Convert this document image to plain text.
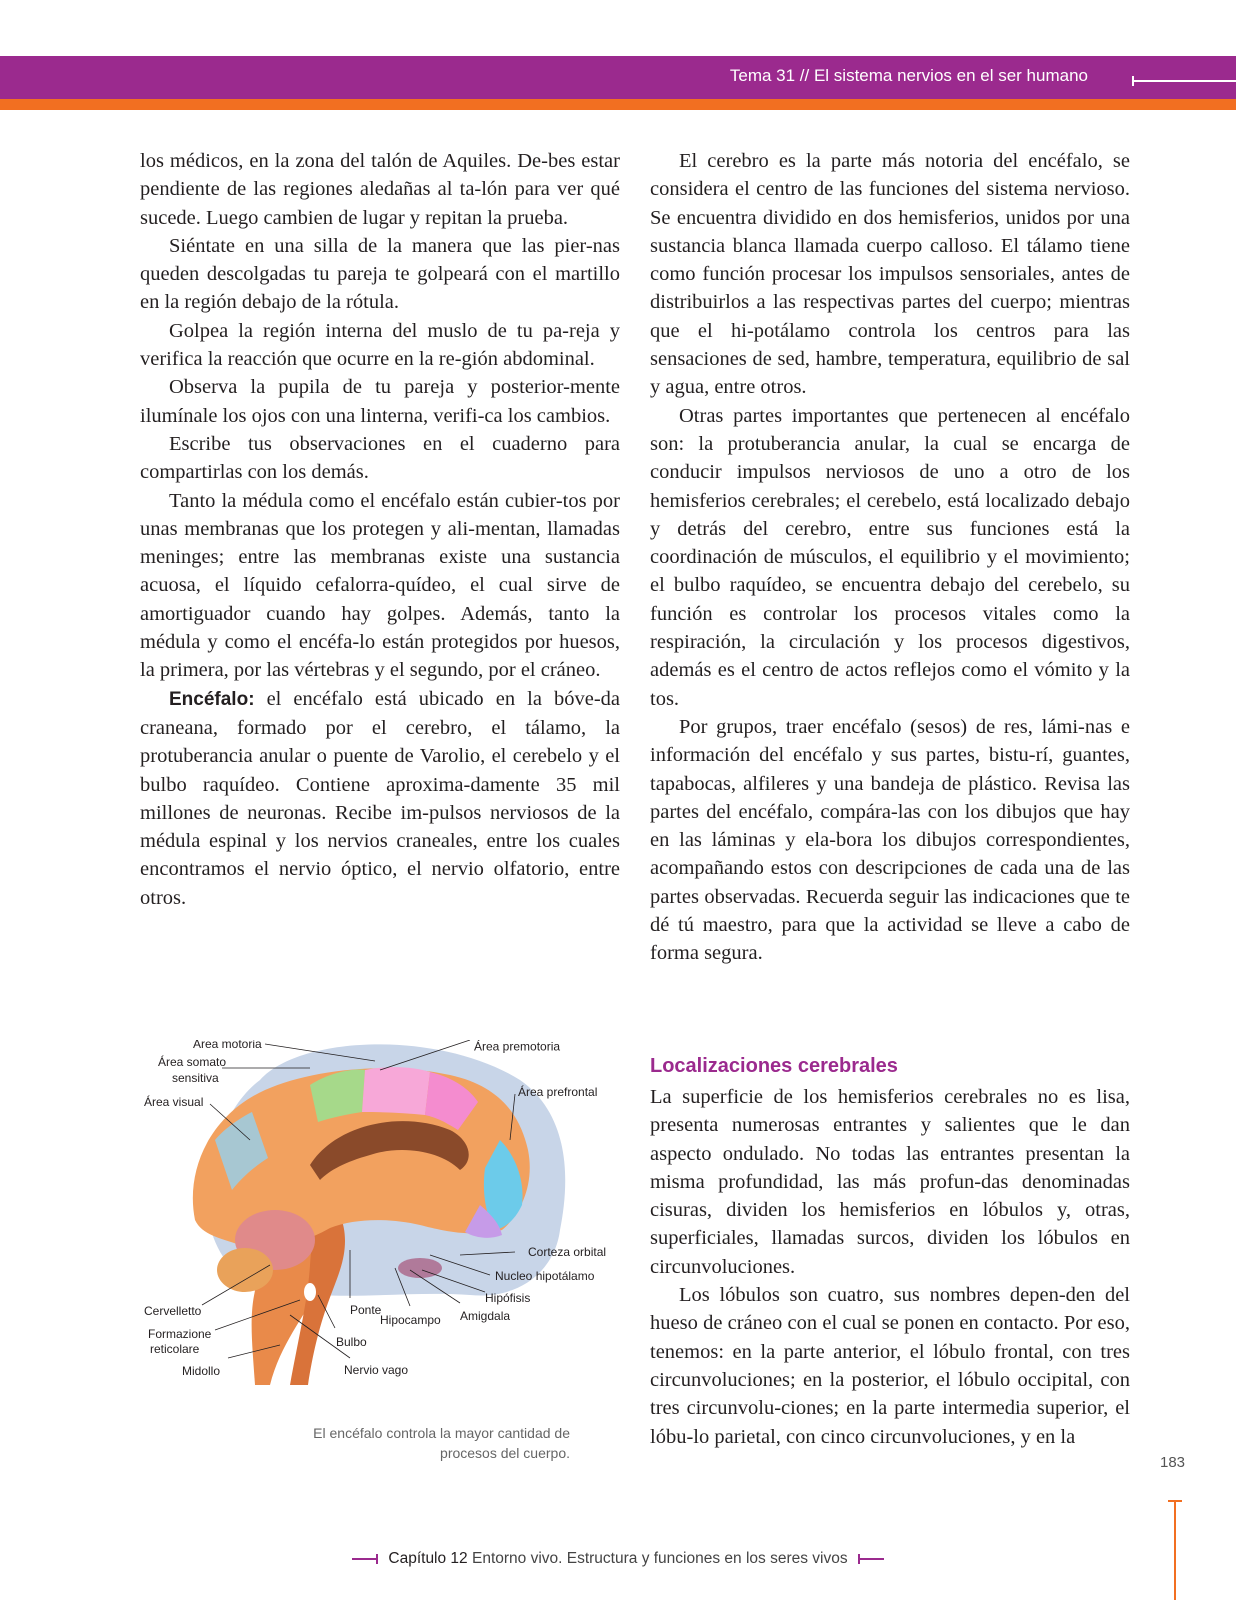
Tema 31 // El sistema nervios en el ser humano

los médicos, en la zona del talón de Aquiles. De-bes estar pendiente de las regiones aledañas al ta-lón para ver qué sucede. Luego cambien de lugar y repitan la prueba.

Siéntate en una silla de la manera que las pier-nas queden descolgadas tu pareja te golpeará con el martillo en la región debajo de la rótula.

Golpea la región interna del muslo de tu pa-reja y verifica la reacción que ocurre en la re-gión abdominal.

Observa la pupila de tu pareja y posterior-mente ilumínale los ojos con una linterna, verifi-ca los cambios.

Escribe tus observaciones en el cuaderno para compartirlas con los demás.

Tanto la médula como el encéfalo están cubier-tos por unas membranas que los protegen y ali-mentan, llamadas meninges; entre las membranas existe una sustancia acuosa, el líquido cefalorra-quídeo, el cual sirve de amortiguador cuando hay golpes. Además, tanto la médula y como el encéfa-lo están protegidos por huesos, la primera, por las vértebras y el segundo, por el cráneo.

Encéfalo: el encéfalo está ubicado en la bóve-da craneana, formado por el cerebro, el tálamo, la protuberancia anular o puente de Varolio, el cerebelo y el bulbo raquídeo. Contiene aproxima-damente 35 mil millones de neuronas. Recibe im-pulsos nerviosos de la médula espinal y los nervios craneales, entre los cuales encontramos el nervio óptico, el nervio olfatorio, entre otros.

El cerebro es la parte más notoria del encéfalo, se considera el centro de las funciones del sistema nervioso. Se encuentra dividido en dos hemisferios, unidos por una sustancia blanca llamada cuerpo calloso. El tálamo tiene como función procesar los impulsos sensoriales, antes de distribuirlos a las respectivas partes del cuerpo; mientras que el hi-potálamo controla los centros para las sensaciones de sed, hambre, temperatura, equilibrio de sal y agua, entre otros.

Otras partes importantes que pertenecen al encéfalo son: la protuberancia anular, la cual se encarga de conducir impulsos nerviosos de uno a otro de los hemisferios cerebrales; el cerebelo, está localizado debajo y detrás del cerebro, entre sus funciones está la coordinación de músculos, el equilibrio y el movimiento; el bulbo raquídeo, se encuentra debajo del cerebelo, su función es controlar los procesos vitales como la respiración, la circulación y los procesos digestivos, además es el centro de actos reflejos como el vómito y la tos.

Por grupos, traer encéfalo (sesos) de res, lámi-nas e información del encéfalo y sus partes, bistu-rí, guantes, tapabocas, alfileres y una bandeja de plástico. Revisa las partes del encéfalo, compára-las con los dibujos que hay en las láminas y ela-bora los dibujos correspondientes, acompañando estos con descripciones de cada una de las partes observadas. Recuerda seguir las indicaciones que te dé tú maestro, para que la actividad se lleve a cabo de forma segura.

Localizaciones cerebrales

La superficie de los hemisferios cerebrales no es lisa, presenta numerosas entrantes y salientes que le dan aspecto ondulado. No todas las entrantes presentan la misma profundidad, las más profun-das denominadas cisuras, dividen los hemisferios en lóbulos y, otras, superficiales, llamadas surcos, dividen los lóbulos en circunvoluciones.

Los lóbulos son cuatro, sus nombres depen-den del hueso de cráneo con el cual se ponen en contacto. Por eso, tenemos: en la parte anterior, el lóbulo frontal, con tres circunvoluciones; en la posterior, el lóbulo occipital, con tres circunvolu-ciones; en la parte intermedia superior, el lóbu-lo parietal, con cinco circunvoluciones, y en la

Área motoria
Área somato
sensitiva
Área visual
Área premotoria
Área prefrontal
Corteza orbital
Nucleo hipotálamo
Hipófisis
Amigdala
Hipocampo
Ponte
Bulbo
Nervio vago
Cervelletto
Formazione
reticolare
Midollo
El encéfalo controla la mayor cantidad de
procesos del cuerpo.
183
Capítulo 12 Entorno vivo. Estructura y funciones en los seres vivos
